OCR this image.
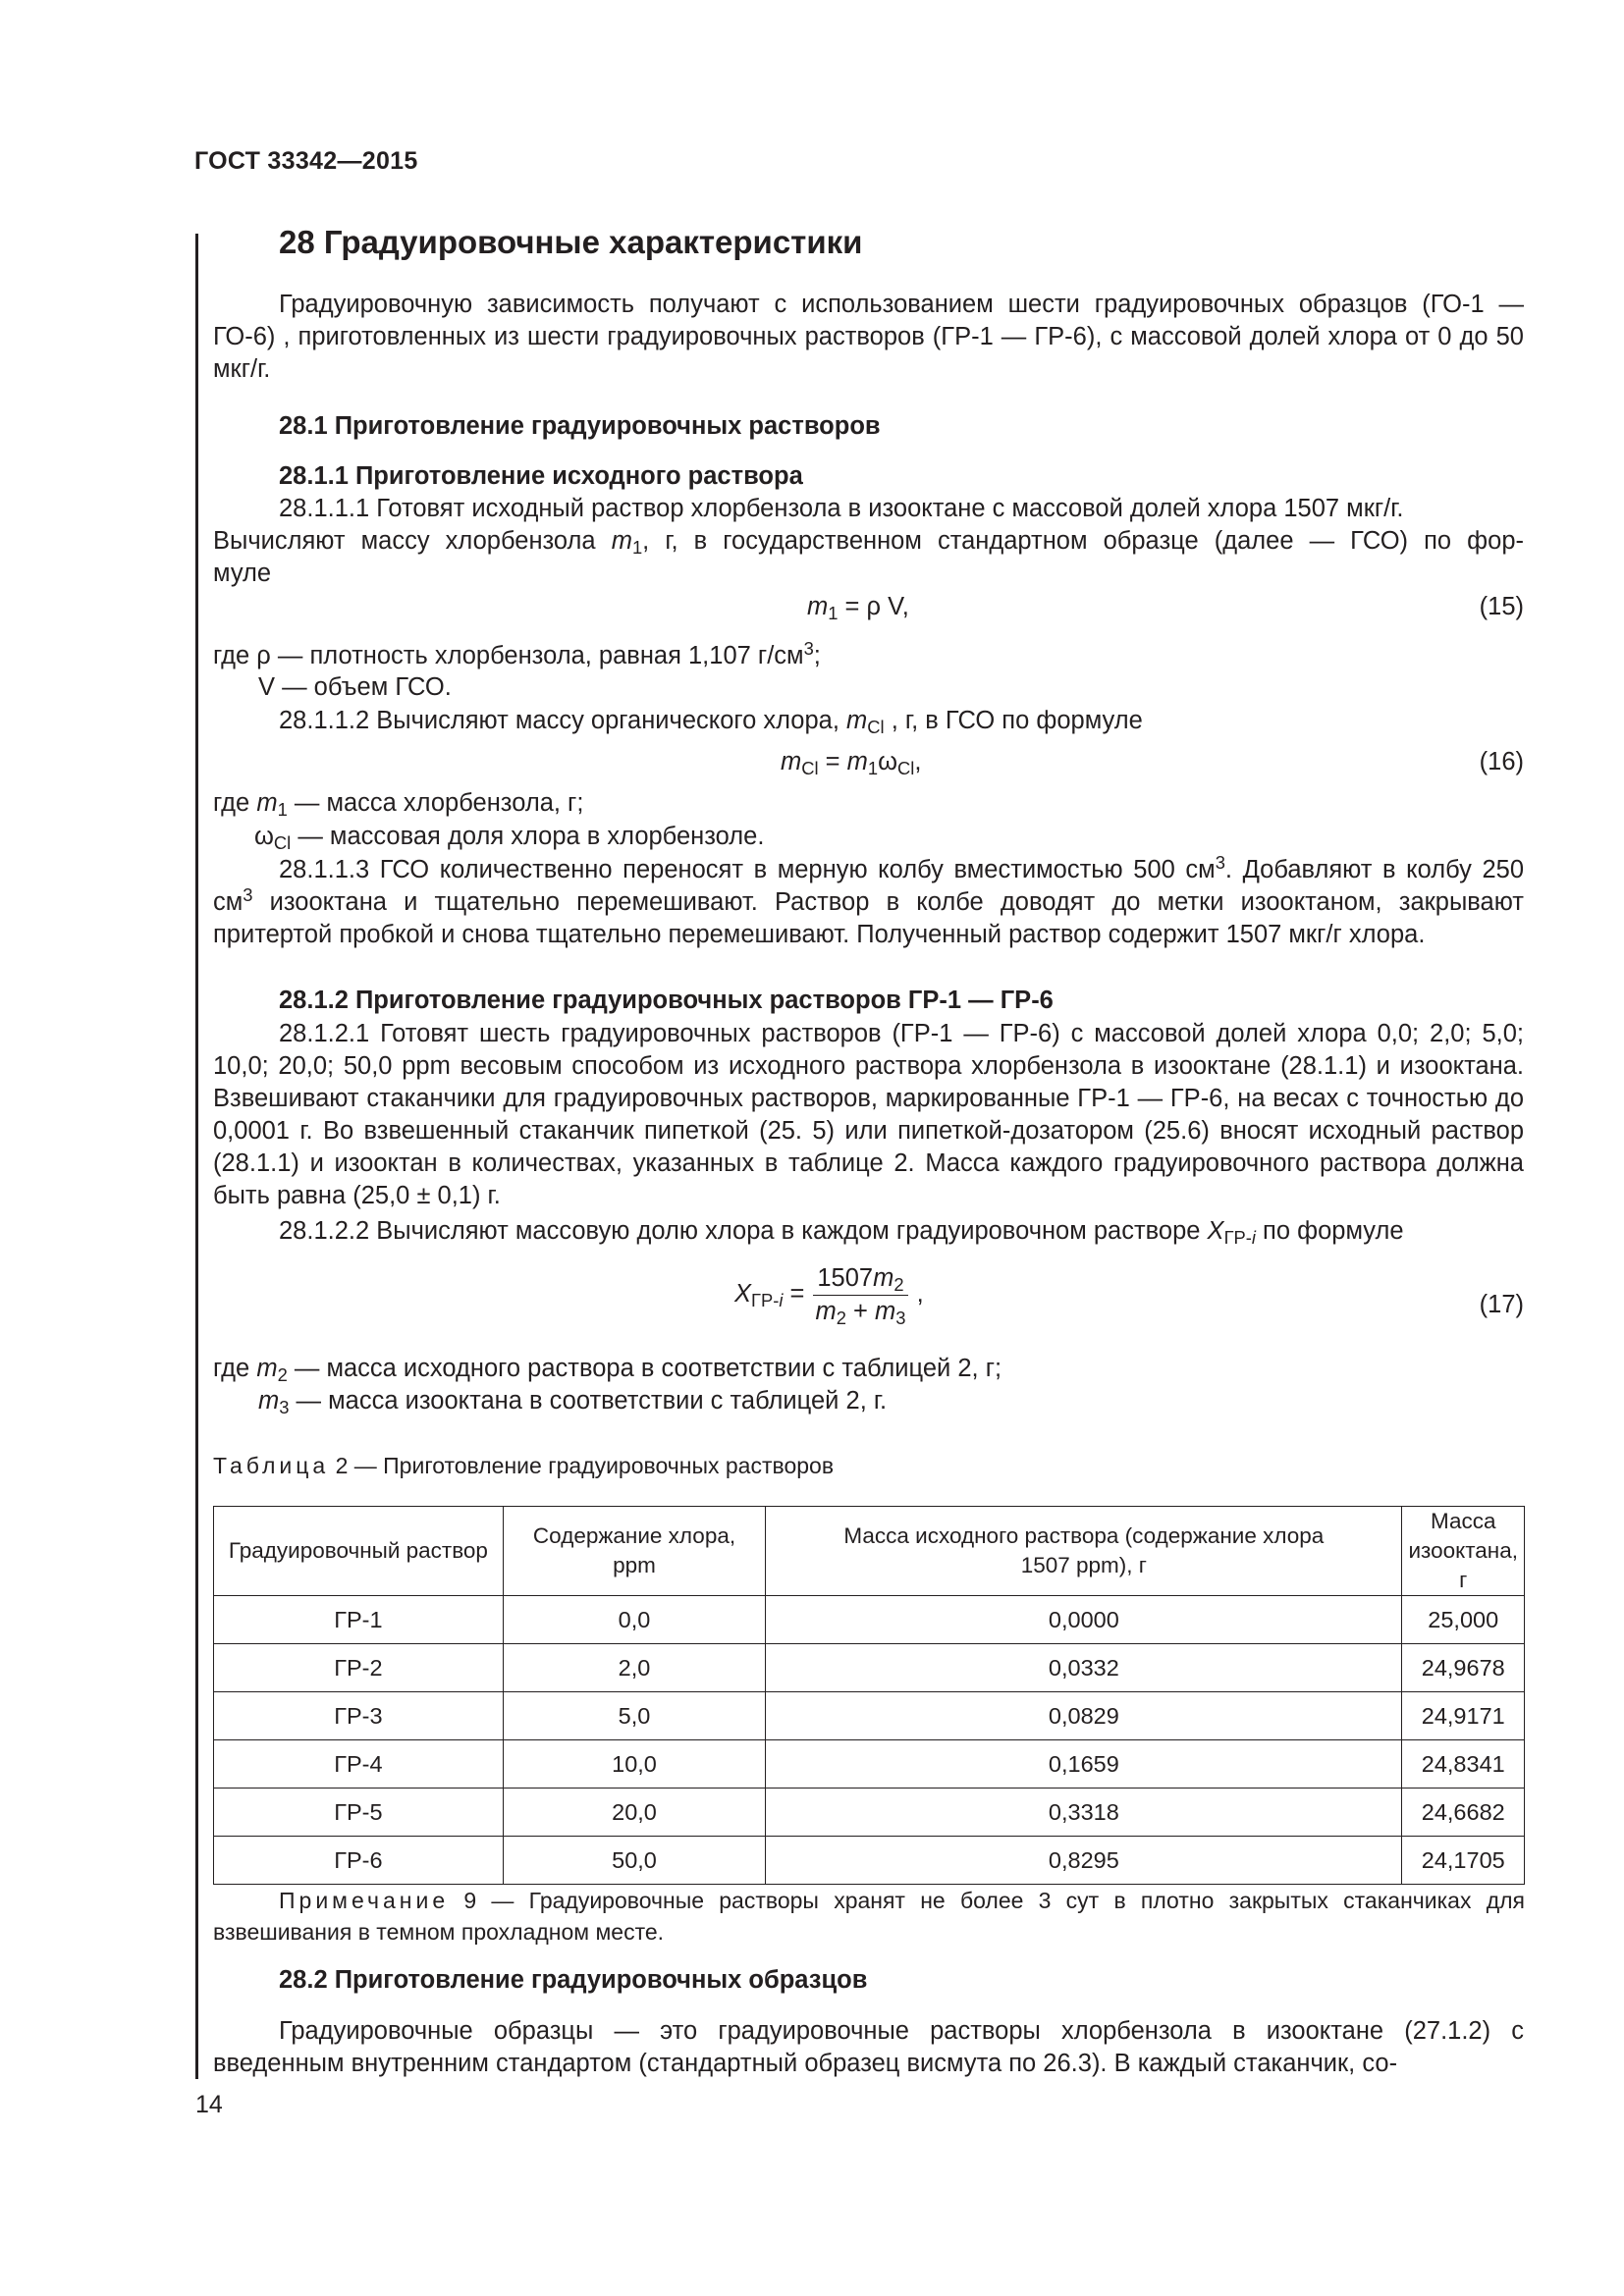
ГОСТ 33342—2015
28 Градуировочные характеристики
Градуировочную зависимость получают с использованием шести градуировочных образцов (ГО-1 — ГО-6) , приготовленных из шести градуировочных растворов (ГР-1 — ГР-6), с массовой долей хлора от 0 до 50 мкг/г.
28.1 Приготовление градуировочных растворов
28.1.1 Приготовление исходного раствора
28.1.1.1 Готовят исходный раствор хлорбензола в изооктане с массовой долей хлора 1507 мкг/г.
Вычисляют массу хлорбензола $m_1$, г, в государственном стандартном образце (далее — ГСО) по фор-
муле
$m_1 = \rho$ V,	(15)
где ρ — плотность хлорбензола, равная 1,107 $г/см^3$;
V — объем ГСО.
28.1.1.2 Вычисляют массу органического хлора, $m_{Cl}$ , г, в ГСО по формуле
$m_{Cl} = m_1\omega_{Cl}$,	(16)
где $m_1$ — масса хлорбензола, г;
$\omega_{Cl}$ — массовая доля хлора в хлорбензоле.
28.1.1.3 ГСО количественно переносят в мерную колбу вместимостью 500 $см^3$. Добавляют в колбу 250 $см^3$ изооктана и тщательно перемешивают. Раствор в колбе доводят до метки изооктаном, закрывают притертой пробкой и снова тщательно перемешивают. Полученный раствор содержит 1507 мкг/г хлора.
28.1.2 Приготовление градуировочных растворов ГР-1 — ГР-6
28.1.2.1 Готовят шесть градуировочных растворов (ГР-1 — ГР-6) с массовой долей хлора 0,0; 2,0; 5,0; 10,0; 20,0; 50,0 ppm весовым способом из исходного раствора хлорбензола в изооктане (28.1.1) и изооктана. Взвешивают стаканчики для градуировочных растворов, маркированные ГР-1 — ГР-6, на весах с точностью до 0,0001 г. Во взвешенный стаканчик пипеткой (25. 5) или пипеткой-дозатором (25.6) вносят исходный раствор (28.1.1) и изооктан в количествах, указанных в таблице 2. Масса каждого градуировочного раствора должна быть равна (25,0 ± 0,1) г.
28.1.2.2 Вычисляют массовую долю хлора в каждом градуировочном растворе $X_{ГР-i}$ по формуле
$X_{ГР-i} = \frac{1507m_2}{m_2 + m_3}$ ,	(17)
где $m_2$ — масса исходного раствора в соответствии с таблицей 2, г;
$m_3$ — масса изооктана в соответствии с таблицей 2, г.
Таблица 2 — Приготовление градуировочных растворов
Градуировочный раствор	Содержание хлора, ppm	Масса исходного раствора (содержание хлора 1507 ppm), г	Масса изооктана, г
ГР-1	0,0	0,0000	25,000
ГР-2	2,0	0,0332	24,9678
ГР-3	5,0	0,0829	24,9171
ГР-4	10,0	0,1659	24,8341
ГР-5	20,0	0,3318	24,6682
ГР-6	50,0	0,8295	24,1705
Примечание 9 — Градуировочные растворы хранят не более 3 сут в плотно закрытых стаканчиках для взвешивания в темном прохладном месте.
28.2 Приготовление градуировочных образцов
Градуировочные образцы — это градуировочные растворы хлорбензола в изооктане (27.1.2) с введенным внутренним стандартом (стандартный образец висмута по 26.3). В каждый стаканчик, со-
14
